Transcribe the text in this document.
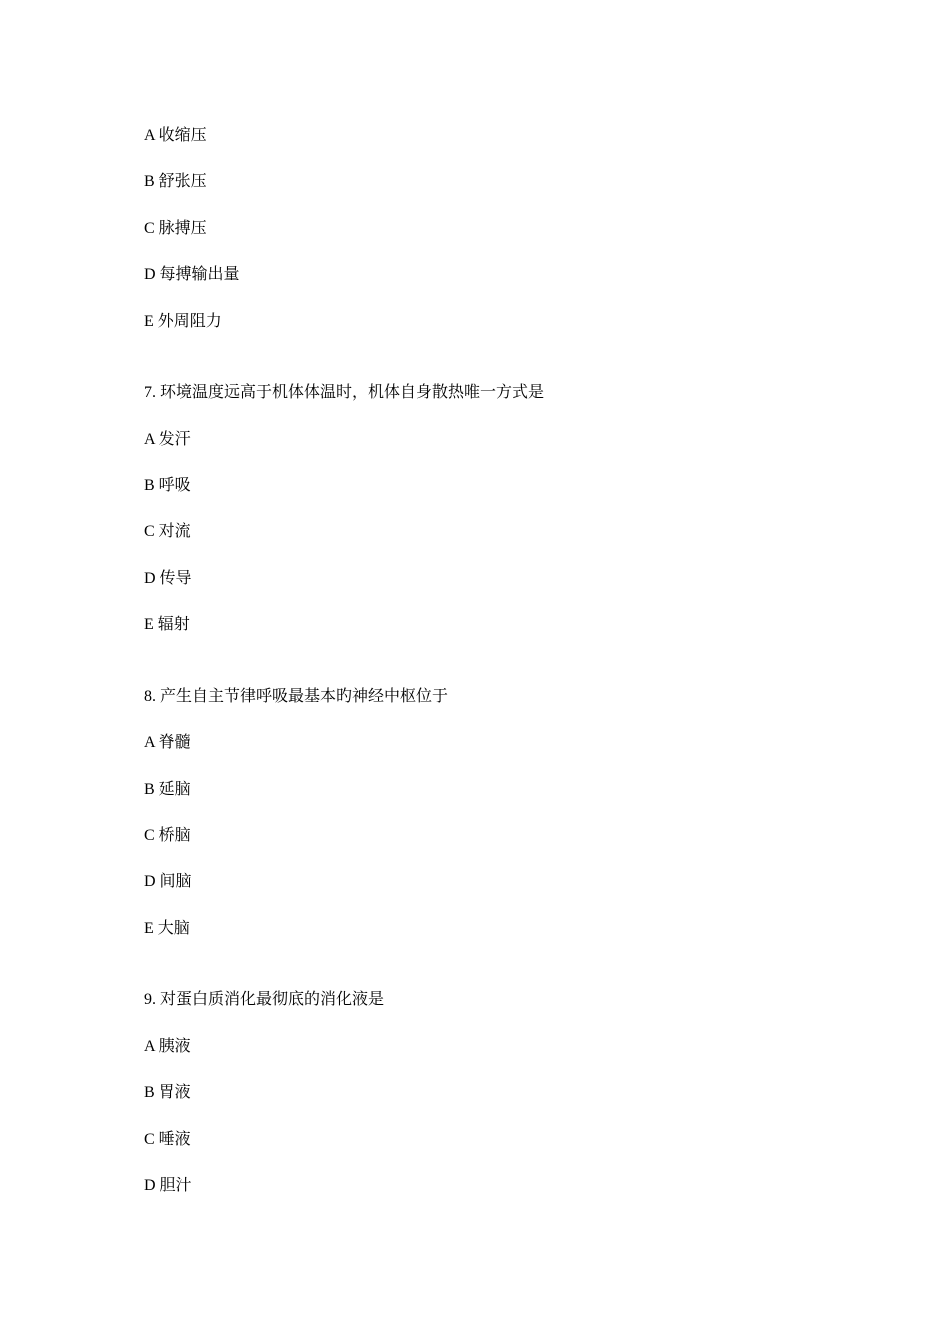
A 收缩压
B 舒张压
C 脉搏压
D 每搏输出量
E 外周阻力
7. 环境温度远高于机体体温时，机体自身散热唯一方式是
A 发汗
B 呼吸
C 对流
D 传导
E 辐射
8. 产生自主节律呼吸最基本旳神经中枢位于
A 脊髓
B 延脑
C 桥脑
D 间脑
E 大脑
9. 对蛋白质消化最彻底的消化液是
A 胰液
B 胃液
C 唾液
D 胆汁
